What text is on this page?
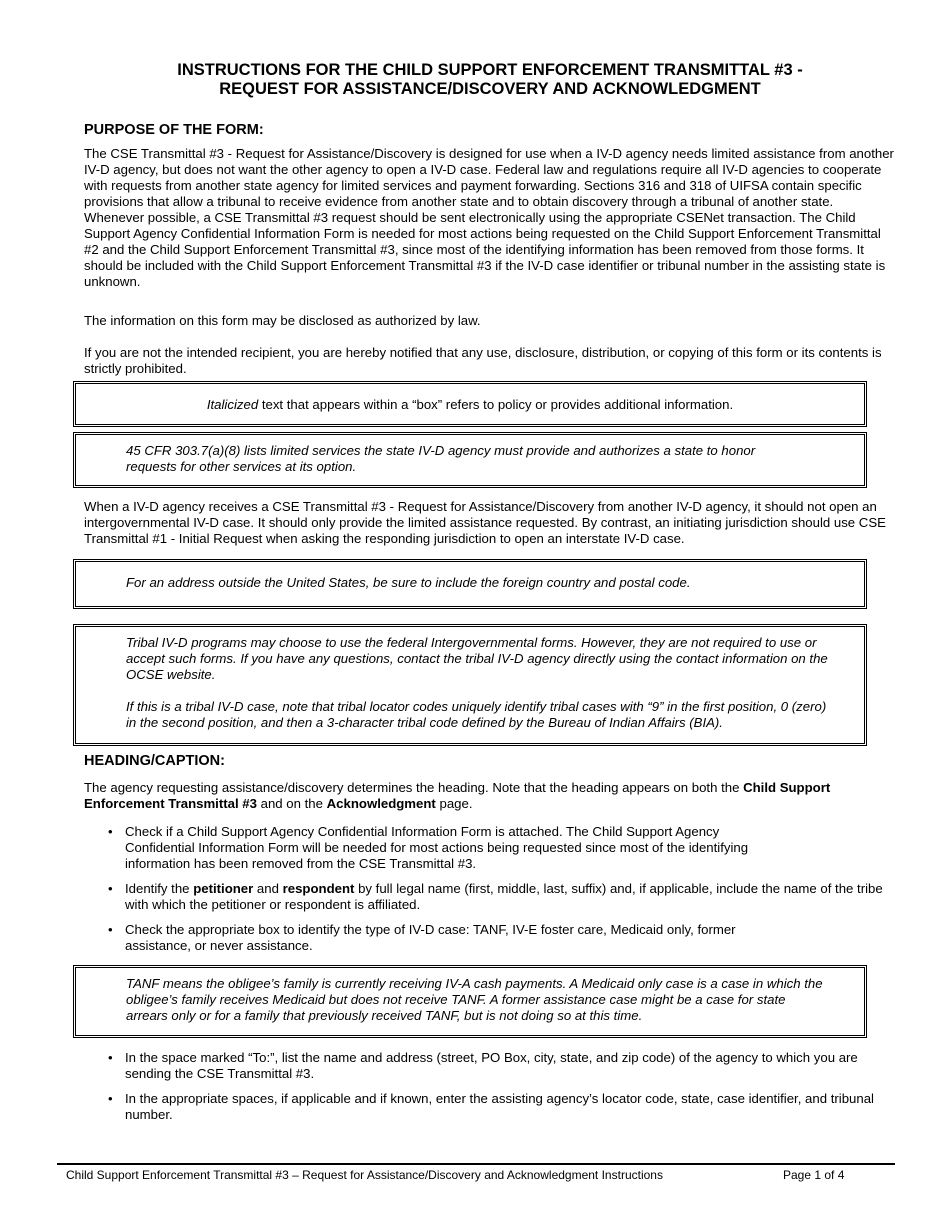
INSTRUCTIONS FOR THE CHILD SUPPORT ENFORCEMENT TRANSMITTAL #3 -
REQUEST FOR ASSISTANCE/DISCOVERY AND ACKNOWLEDGMENT
PURPOSE OF THE FORM:

The CSE Transmittal #3 - Request for Assistance/Discovery is designed for use when a IV-D agency needs limited assistance from another IV-D agency, but does not want the other agency to open a IV-D case. Federal law and regulations require all IV-D agencies to cooperate with requests from another state agency for limited services and payment forwarding. Sections 316 and 318 of UIFSA contain specific provisions that allow a tribunal to receive evidence from another state and to obtain discovery through a tribunal of another state. Whenever possible, a CSE Transmittal #3 request should be sent electronically using the appropriate CSENet transaction. The Child Support Agency Confidential Information Form is needed for most actions being requested on the Child Support Enforcement Transmittal #2 and the Child Support Enforcement Transmittal #3, since most of the identifying information has been removed from those forms. It should be included with the Child Support Enforcement Transmittal #3 if the IV-D case identifier or tribunal number in the assisting state is unknown.

The information on this form may be disclosed as authorized by law.

If you are not the intended recipient, you are hereby notified that any use, disclosure, distribution, or copying of this form or its contents is strictly prohibited.

Italicized text that appears within a “box” refers to policy or provides additional information.
45 CFR 303.7(a)(8) lists limited services the state IV-D agency must provide and authorizes a state to honor requests for other services at its option.

When a IV-D agency receives a CSE Transmittal #3 - Request for Assistance/Discovery from another IV-D agency, it should not open an intergovernmental IV-D case. It should only provide the limited assistance requested. By contrast, an initiating jurisdiction should use CSE Transmittal #1 - Initial Request when asking the responding jurisdiction to open an interstate IV-D case.

For an address outside the United States, be sure to include the foreign country and postal code.
Tribal IV-D programs may choose to use the federal Intergovernmental forms. However, they are not required to use or accept such forms. If you have any questions, contact the tribal IV-D agency directly using the contact information on the OCSE website.
If this is a tribal IV-D case, note that tribal locator codes uniquely identify tribal cases with “9” in the first position, 0 (zero) in the second position, and then a 3-character tribal code defined by the Bureau of Indian Affairs (BIA).
HEADING/CAPTION:

The agency requesting assistance/discovery determines the heading. Note that the heading appears on both the Child Support Enforcement Transmittal #3 and on the Acknowledgment page.

• Check if a Child Support Agency Confidential Information Form is attached. The Child Support Agency Confidential Information Form will be needed for most actions being requested since most of the identifying information has been removed from the CSE Transmittal #3.
• Identify the petitioner and respondent by full legal name (first, middle, last, suffix) and, if applicable, include the name of the tribe with which the petitioner or respondent is affiliated.
• Check the appropriate box to identify the type of IV-D case: TANF, IV-E foster care, Medicaid only, former assistance, or never assistance.
TANF means the obligee’s family is currently receiving IV-A cash payments. A Medicaid only case is a case in which the obligee’s family receives Medicaid but does not receive TANF. A former assistance case might be a case for state arrears only or for a family that previously received TANF, but is not doing so at this time.
• In the space marked “To:”, list the name and address (street, PO Box, city, state, and zip code) of the agency to which you are sending the CSE Transmittal #3.
• In the appropriate spaces, if applicable and if known, enter the assisting agency’s locator code, state, case identifier, and tribunal number.
Child Support Enforcement Transmittal #3 – Request for Assistance/Discovery and Acknowledgment Instructions	Page 1 of 4
